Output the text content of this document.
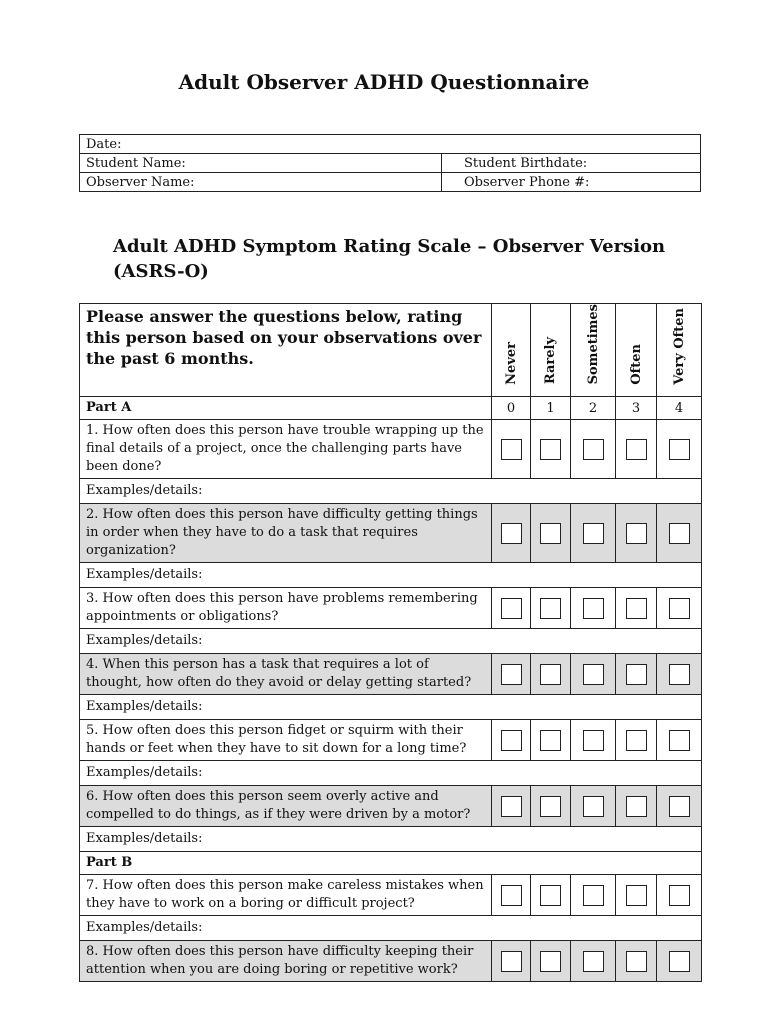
Adult Observer ADHD Questionnaire
Date:	
Student Name:	Student Birthdate:
Observer Name:	Observer Phone #:
Adult ADHD Symptom Rating Scale – Observer Version
(ASRS-O)
Please answer the questions below, rating this person based on your observations over the past 6 months.	Never	Rarely	Sometimes	Often	Very Often
Part A	0	1	2	3	4
1. How often does this person have trouble wrapping up the final details of a project, once the challenging parts have been done?					
Examples/details:					
2. How often does this person have difficulty getting things in order when they have to do a task that requires organization?					
Examples/details:					
3. How often does this person have problems remembering appointments or obligations?					
Examples/details:					
4. When this person has a task that requires a lot of thought, how often do they avoid or delay getting started?					
Examples/details:					
5. How often does this person fidget or squirm with their hands or feet when they have to sit down for a long time?					
Examples/details:					
6. How often does this person seem overly active and compelled to do things, as if they were driven by a motor?					
Examples/details:					
Part B					
7. How often does this person make careless mistakes when they have to work on a boring or difficult project?					
Examples/details:					
8. How often does this person have difficulty keeping their attention when you are doing boring or repetitive work?					
